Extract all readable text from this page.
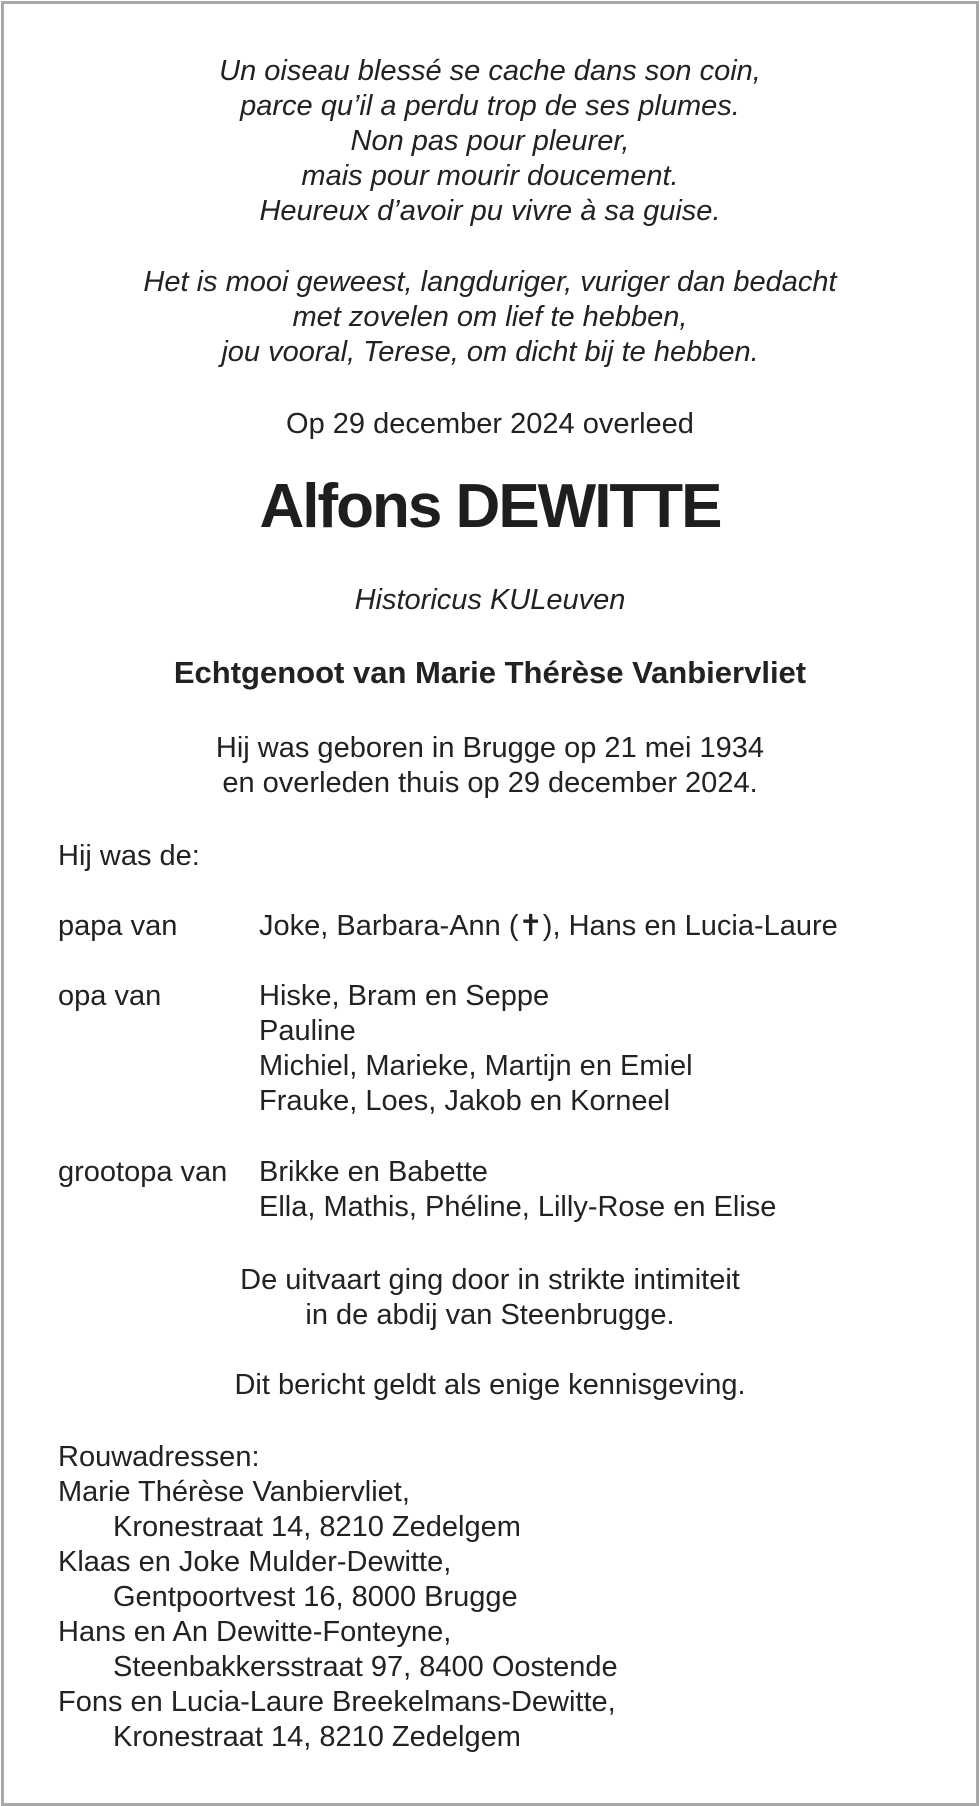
Un oiseau blessé se cache dans son coin,
parce qu’il a perdu trop de ses plumes.
Non pas pour pleurer,
mais pour mourir doucement.
Heureux d’avoir pu vivre à sa guise.
Het is mooi geweest, langduriger, vuriger dan bedacht
met zovelen om lief te hebben,
jou vooral, Terese, om dicht bij te hebben.
Op 29 december 2024 overleed
Alfons DEWITTE
Historicus KULeuven
Echtgenoot van Marie Thérèse Vanbiervliet
Hij was geboren in Brugge op 21 mei 1934
en overleden thuis op 29 december 2024.
Hij was de:
papa van	Joke, Barbara-Ann (✝), Hans en Lucia-Laure
opa van	Hiske, Bram en Seppe
Pauline
Michiel, Marieke, Martijn en Emiel
Frauke, Loes, Jakob en Korneel
grootopa van Brikke en Babette
Ella, Mathis, Phéline, Lilly-Rose en Elise
De uitvaart ging door in strikte intimiteit
in de abdij van Steenbrugge.
Dit bericht geldt als enige kennisgeving.
Rouwadressen:
Marie Thérèse Vanbiervliet,
Kronestraat 14, 8210 Zedelgem
Klaas en Joke Mulder-Dewitte,
Gentpoortvest 16, 8000 Brugge
Hans en An Dewitte-Fonteyne,
Steenbakkersstraat 97, 8400 Oostende
Fons en Lucia-Laure Breekelmans-Dewitte,
Kronestraat 14, 8210 Zedelgem
